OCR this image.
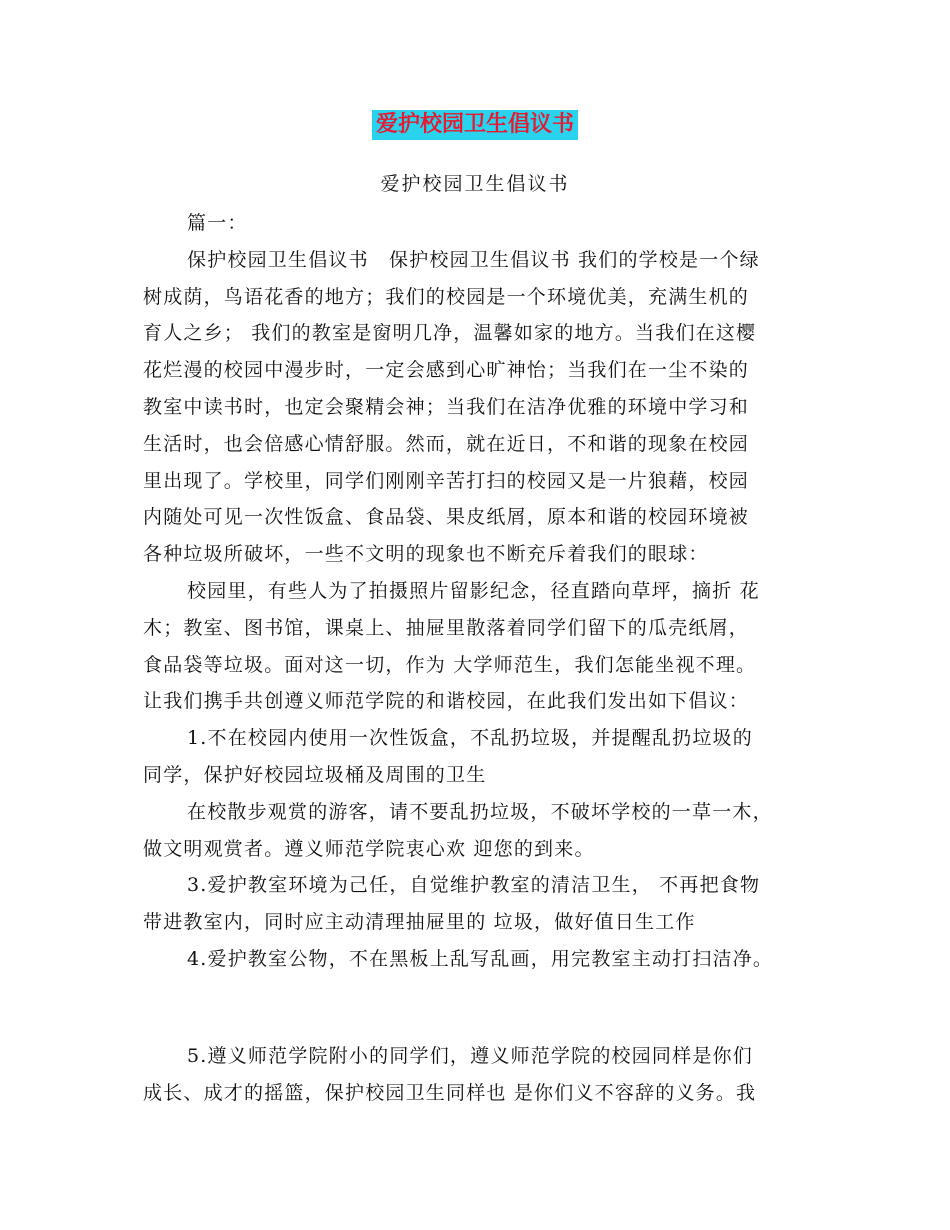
爱护校园卫生倡议书
爱护校园卫生倡议书
篇一：
保护校园卫生倡议书　保护校园卫生倡议书 我们的学校是一个绿
树成荫，鸟语花香的地方；我们的校园是一个环境优美，充满生机的
育人之乡； 我们的教室是窗明几净，温馨如家的地方。当我们在这樱
花烂漫的校园中漫步时，一定会感到心旷神怡；当我们在一尘不染的
教室中读书时，也定会聚精会神；当我们在洁净优雅的环境中学习和
生活时，也会倍感心情舒服。然而，就在近日，不和谐的现象在校园
里出现了。学校里，同学们刚刚辛苦打扫的校园又是一片狼藉，校园
内随处可见一次性饭盒、食品袋、果皮纸屑，原本和谐的校园环境被
各种垃圾所破坏，一些不文明的现象也不断充斥着我们的眼球：
校园里，有些人为了拍摄照片留影纪念，径直踏向草坪，摘折 花
木；教室、图书馆，课桌上、抽屉里散落着同学们留下的瓜壳纸屑，
食品袋等垃圾。面对这一切，作为 大学师范生，我们怎能坐视不理。
让我们携手共创遵义师范学院的和谐校园，在此我们发出如下倡议：
1.不在校园内使用一次性饭盒，不乱扔垃圾，并提醒乱扔垃圾的
同学，保护好校园垃圾桶及周围的卫生
在校散步观赏的游客，请不要乱扔垃圾，不破坏学校的一草一木，
做文明观赏者。遵义师范学院衷心欢 迎您的到来。
3.爱护教室环境为己任，自觉维护教室的清洁卫生， 不再把食物
带进教室内，同时应主动清理抽屉里的 垃圾，做好值日生工作
4.爱护教室公物，不在黑板上乱写乱画，用完教室主动打扫洁净。
5.遵义师范学院附小的同学们，遵义师范学院的校园同样是你们
成长、成才的摇篮，保护校园卫生同样也 是你们义不容辞的义务。我
